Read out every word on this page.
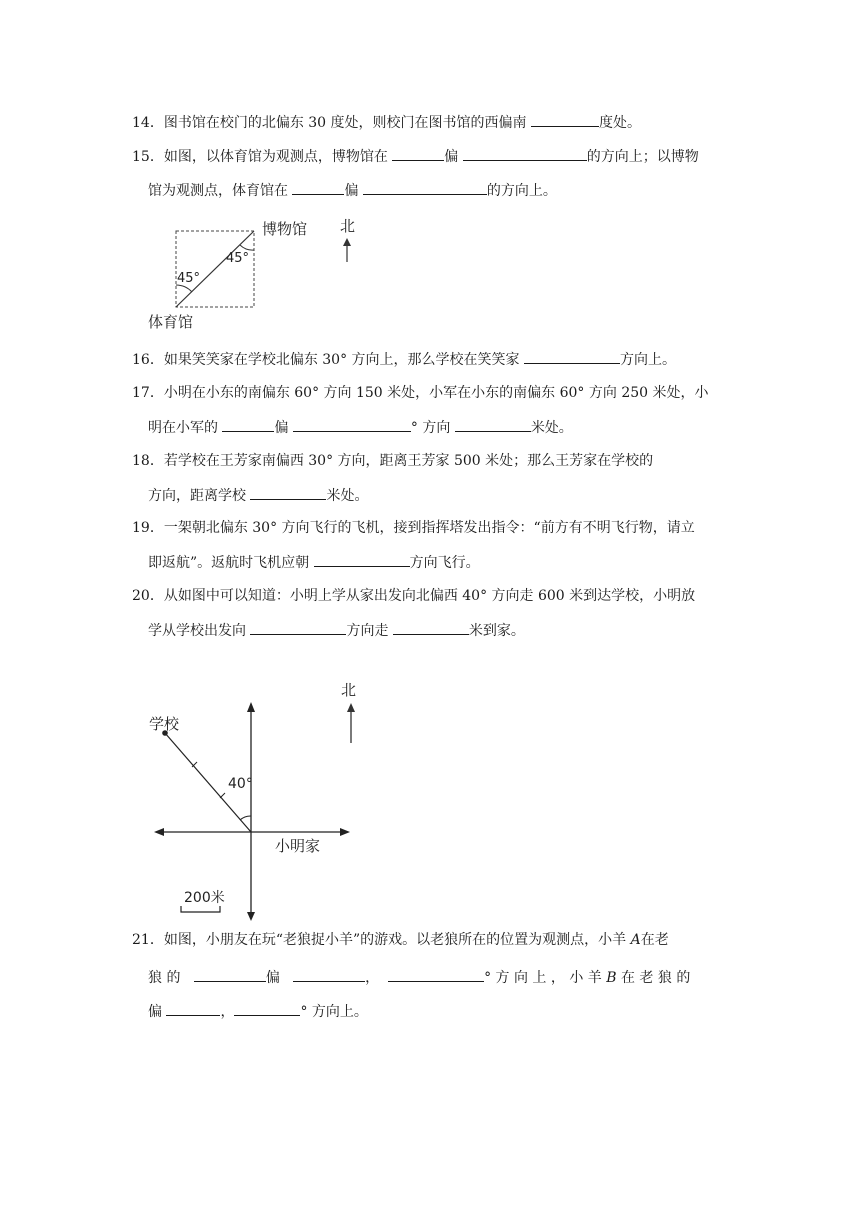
14．图书馆在校门的北偏东 30 度处，则校门在图书馆的西偏南	度处。
15．如图，以体育馆为观测点，博物馆在	偏	的方向上；以博物
馆为观测点，体育馆在	偏	的方向上。
45°
45°
博物馆
体育馆
北
16．如果笑笑家在学校北偏东 30° 方向上，那么学校在笑笑家	方向上。
17．小明在小东的南偏东 60° 方向 150 米处，小军在小东的南偏东 60° 方向 250 米处，小
明在小军的	偏	° 方向	米处。
18．若学校在王芳家南偏西 30° 方向，距离王芳家 500 米处；那么王芳家在学校的
方向，距离学校	米处。
19．一架朝北偏东 30° 方向飞行的飞机，接到指挥塔发出指令：“前方有不明飞行物，请立
即返航”。返航时飞机应朝	方向飞行。
20．从如图中可以知道：小明上学从家出发向北偏西 40° 方向走 600 米到达学校，小明放
学从学校出发向	方向走	米到家。
北
40°
学校
小明家
200米
21．如图，小朋友在玩“老狼捉小羊”的游戏。以老狼所在的位置为观测点，小羊 A在老
狼 的	偏	，	° 方 向 上 ， 小 羊 B 在 老 狼 的
偏	，	° 方向上。
